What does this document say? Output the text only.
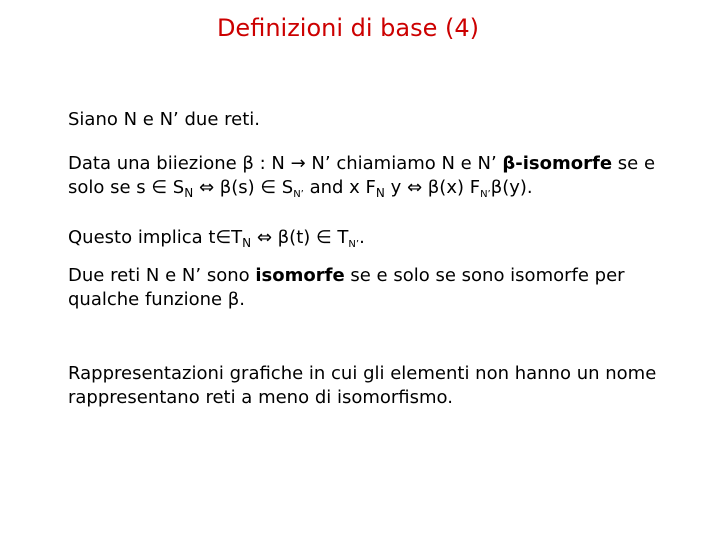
Definizioni di base (4)
Siano N e N’ due reti.
Data una biiezione β : N → N’ chiamiamo N e N’ β-isomorfe se e
solo se s ∈ $S_N$ ⇔ β(s) ∈ $S_{N’}$ and x $F_N$ y ⇔ β(x) $F_{N’}\beta(y)$.
Questo implica $t\in T_N$ ⇔ β(t) ∈ $T_{N’}$.
Due reti N e N’ sono isomorfe se e solo se sono isomorfe per
qualche funzione β.
Rappresentazioni grafiche in cui gli elementi non hanno un nome
rappresentano reti a meno di isomorfismo.
